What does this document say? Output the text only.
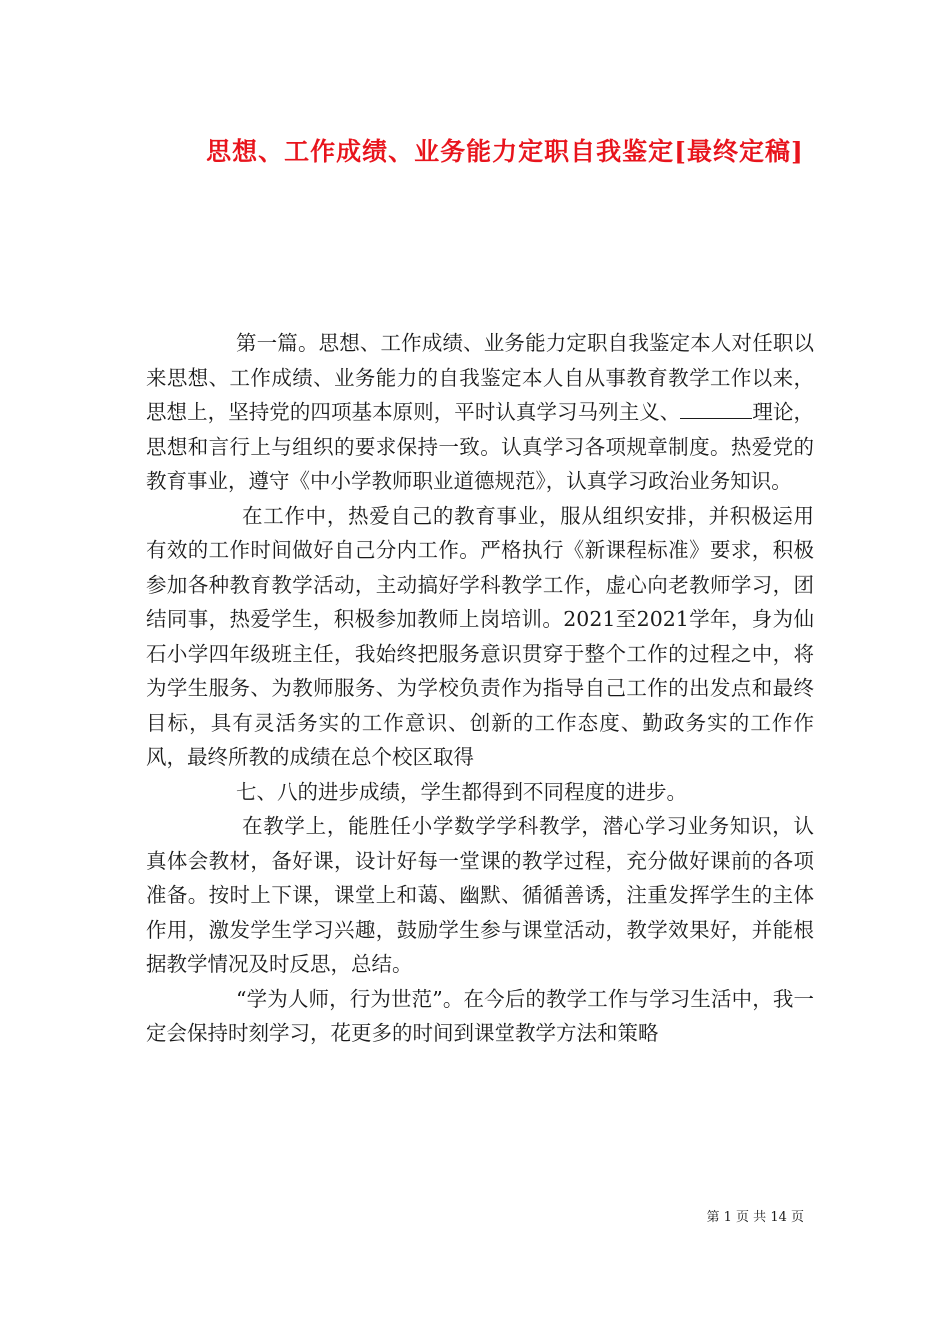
思想、工作成绩、业务能力定职自我鉴定[最终定稿]

第一篇。思想、工作成绩、业务能力定职自我鉴定本人对任职以来思想、工作成绩、业务能力的自我鉴定本人自从事教育教学工作以来，思想上，坚持党的四项基本原则，平时认真学习马列主义、	理论，思想和言行上与组织的要求保持一致。认真学习各项规章制度。热爱党的教育事业，遵守《中小学教师职业道德规范》，认真学习政治业务知识。

在工作中，热爱自己的教育事业，服从组织安排，并积极运用有效的工作时间做好自己分内工作。严格执行《新课程标准》要求，积极参加各种教育教学活动，主动搞好学科教学工作，虚心向老教师学习，团结同事，热爱学生，积极参加教师上岗培训。2021至2021学年，身为仙石小学四年级班主任，我始终把服务意识贯穿于整个工作的过程之中，将为学生服务、为教师服务、为学校负责作为指导自己工作的出发点和最终目标，具有灵活务实的工作意识、创新的工作态度、勤政务实的工作作风，最终所教的成绩在总个校区取得

七、八的进步成绩，学生都得到不同程度的进步。

在教学上，能胜任小学数学学科教学，潜心学习业务知识，认真体会教材，备好课，设计好每一堂课的教学过程，充分做好课前的各项准备。按时上下课，课堂上和蔼、幽默、循循善诱，注重发挥学生的主体作用，激发学生学习兴趣，鼓励学生参与课堂活动，教学效果好，并能根据教学情况及时反思，总结。

“学为人师，行为世范”。在今后的教学工作与学习生活中，我一定会保持时刻学习，花更多的时间到课堂教学方法和策略

第 1 页 共 14 页
